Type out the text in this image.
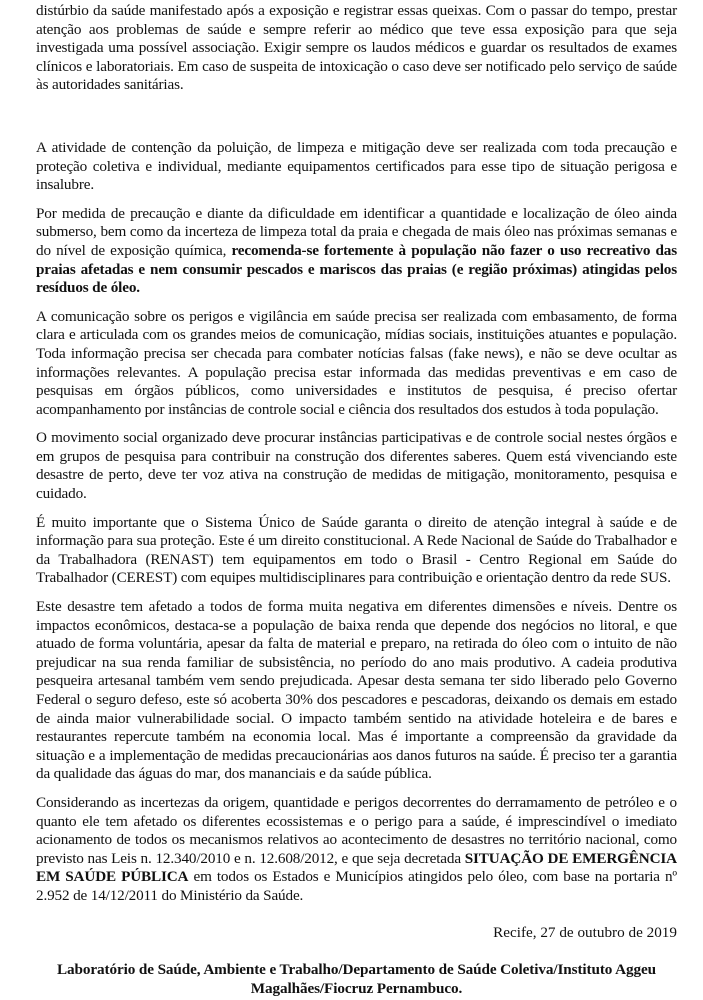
distúrbio da saúde manifestado após a exposição e registrar essas queixas. Com o passar do tempo, prestar atenção aos problemas de saúde e sempre referir ao médico que teve essa exposição para que seja investigada uma possível associação. Exigir sempre os laudos médicos e guardar os resultados de exames clínicos e laboratoriais. Em caso de suspeita de intoxicação o caso deve ser notificado pelo serviço de saúde às autoridades sanitárias.

A atividade de contenção da poluição, de limpeza e mitigação deve ser realizada com toda precaução e proteção coletiva e individual, mediante equipamentos certificados para esse tipo de situação perigosa e insalubre.

Por medida de precaução e diante da dificuldade em identificar a quantidade e localização de óleo ainda submerso, bem como da incerteza de limpeza total da praia e chegada de mais óleo nas próximas semanas e do nível de exposição química, recomenda-se fortemente à população não fazer o uso recreativo das praias afetadas e nem consumir pescados e mariscos das praias (e região próximas) atingidas pelos resíduos de óleo.

A comunicação sobre os perigos e vigilância em saúde precisa ser realizada com embasamento, de forma clara e articulada com os grandes meios de comunicação, mídias sociais, instituições atuantes e população. Toda informação precisa ser checada para combater notícias falsas (fake news), e não se deve ocultar as informações relevantes. A população precisa estar informada das medidas preventivas e em caso de pesquisas em órgãos públicos, como universidades e institutos de pesquisa, é preciso ofertar acompanhamento por instâncias de controle social e ciência dos resultados dos estudos à toda população.

O movimento social organizado deve procurar instâncias participativas e de controle social nestes órgãos e em grupos de pesquisa para contribuir na construção dos diferentes saberes. Quem está vivenciando este desastre de perto, deve ter voz ativa na construção de medidas de mitigação, monitoramento, pesquisa e cuidado.

É muito importante que o Sistema Único de Saúde garanta o direito de atenção integral à saúde e de informação para sua proteção. Este é um direito constitucional. A Rede Nacional de Saúde do Trabalhador e da Trabalhadora (RENAST) tem equipamentos em todo o Brasil - Centro Regional em Saúde do Trabalhador (CEREST) com equipes multidisciplinares para contribuição e orientação dentro da rede SUS.

Este desastre tem afetado a todos de forma muita negativa em diferentes dimensões e níveis. Dentre os impactos econômicos, destaca-se a população de baixa renda que depende dos negócios no litoral, e que atuado de forma voluntária, apesar da falta de material e preparo, na retirada do óleo com o intuito de não prejudicar na sua renda familiar de subsistência, no período do ano mais produtivo. A cadeia produtiva pesqueira artesanal também vem sendo prejudicada. Apesar desta semana ter sido liberado pelo Governo Federal o seguro defeso, este só acoberta 30% dos pescadores e pescadoras, deixando os demais em estado de ainda maior vulnerabilidade social. O impacto também sentido na atividade hoteleira e de bares e restaurantes repercute também na economia local. Mas é importante a compreensão da gravidade da situação e a implementação de medidas precaucionárias aos danos futuros na saúde. É preciso ter a garantia da qualidade das águas do mar, dos mananciais e da saúde pública.

Considerando as incertezas da origem, quantidade e perigos decorrentes do derramamento de petróleo e o quanto ele tem afetado os diferentes ecossistemas e o perigo para a saúde, é imprescindível o imediato acionamento de todos os mecanismos relativos ao acontecimento de desastres no território nacional, como previsto nas Leis n. 12.340/2010 e n. 12.608/2012, e que seja decretada SITUAÇÃO DE EMERGÊNCIA EM SAÚDE PÚBLICA em todos os Estados e Municípios atingidos pelo óleo, com base na portaria nº 2.952 de 14/12/2011 do Ministério da Saúde.

Recife, 27 de outubro de 2019

Laboratório de Saúde, Ambiente e Trabalho/Departamento de Saúde Coletiva/Instituto Aggeu Magalhães/Fiocruz Pernambuco.
